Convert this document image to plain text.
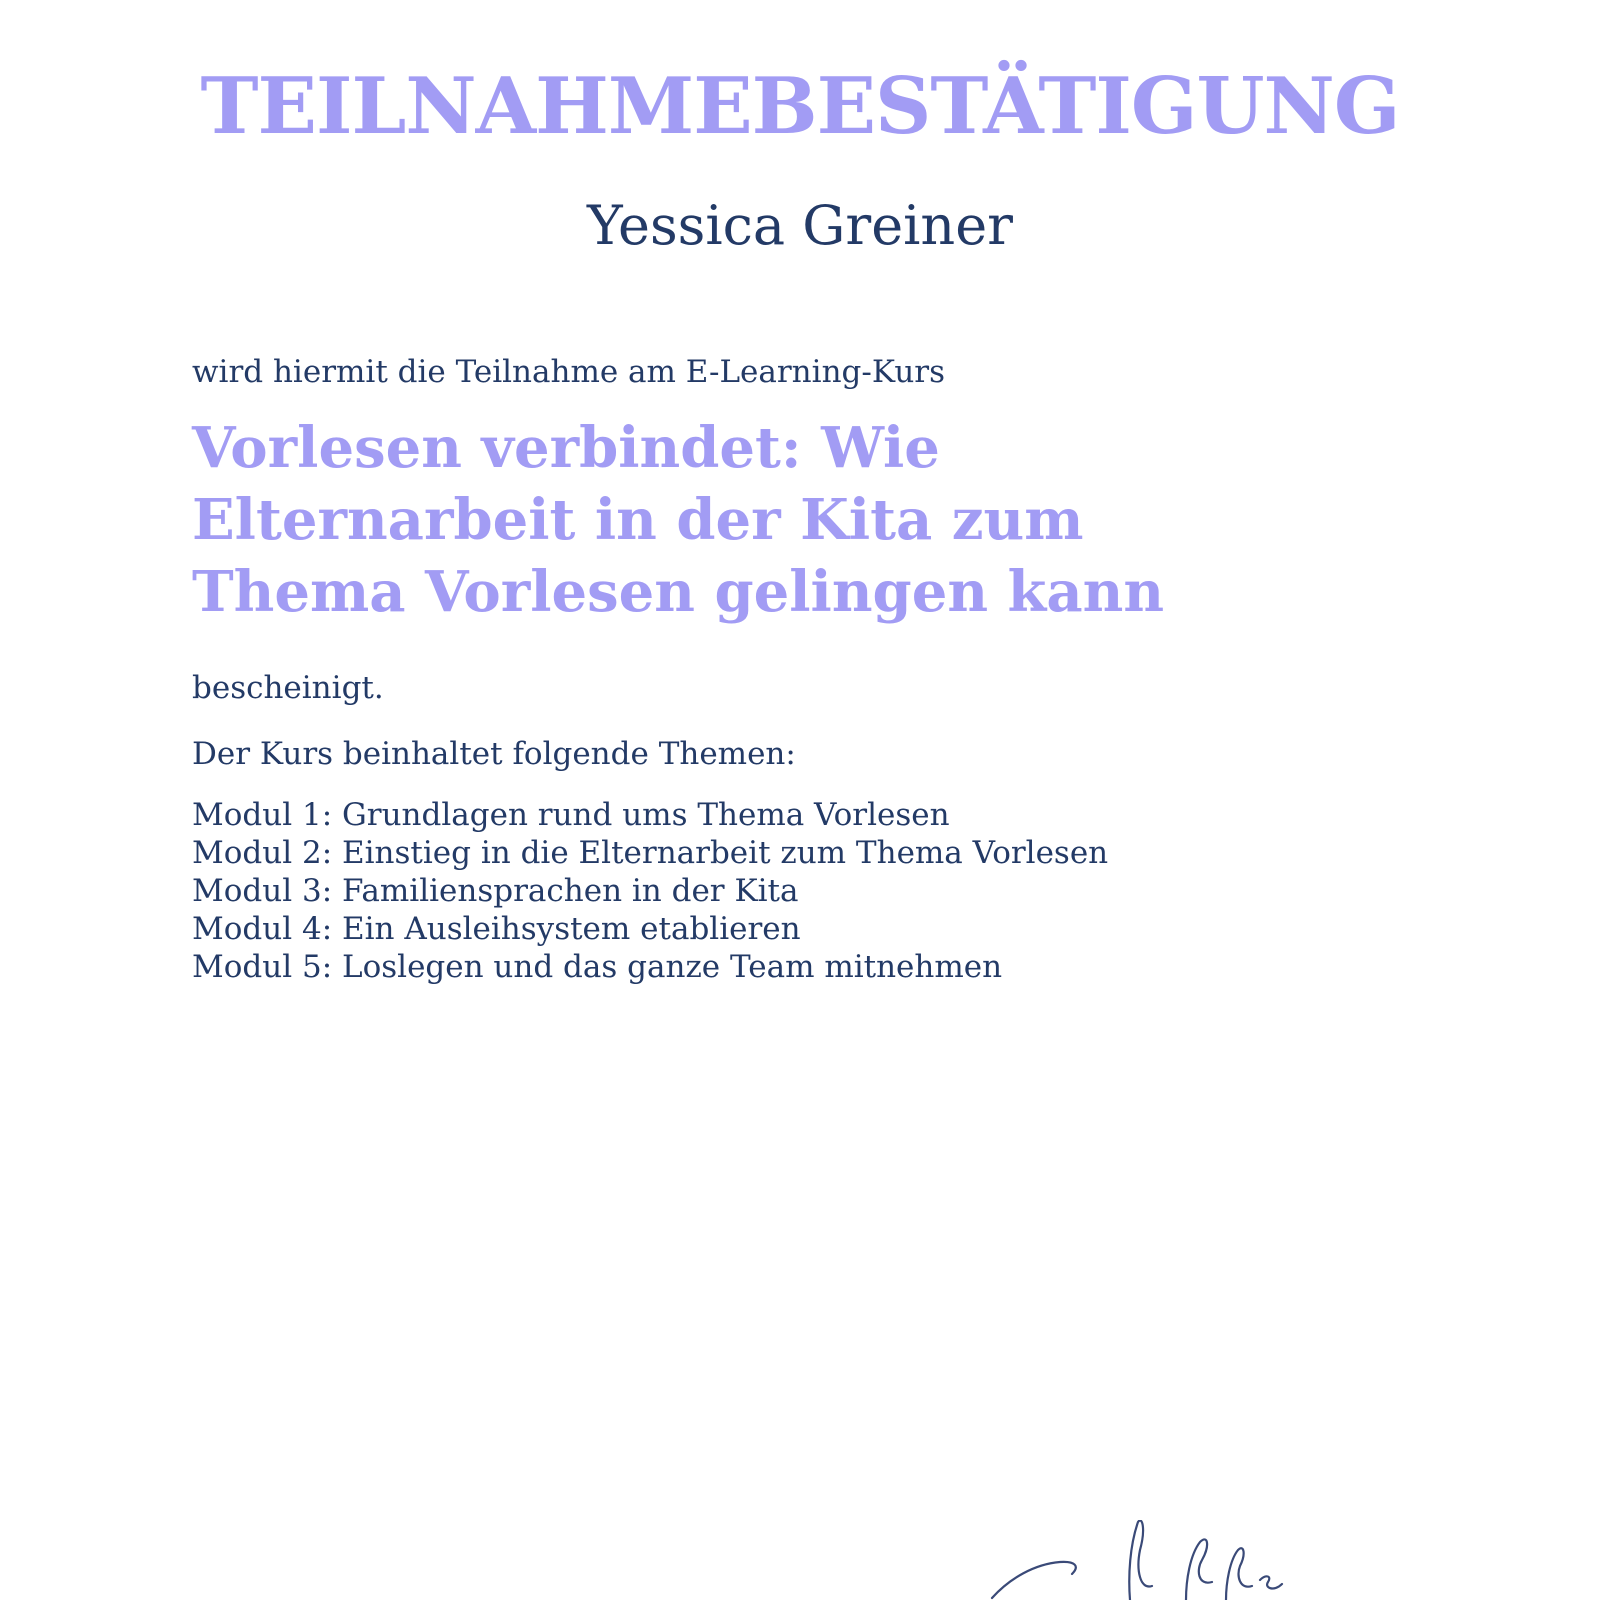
TEILNAHMEBESTÄTIGUNG
Yessica Greiner

wird hiermit die Teilnahme am E-Learning-Kurs

Vorlesen verbindet: Wie Elternarbeit in der Kita zum Thema Vorlesen gelingen kann

bescheinigt.

Der Kurs beinhaltet folgende Themen:

Modul 1: Grundlagen rund ums Thema Vorlesen
Modul 2: Einstieg in die Elternarbeit zum Thema Vorlesen
Modul 3: Familiensprachen in der Kita
Modul 4: Ein Ausleihsystem etablieren
Modul 5: Loslegen und das ganze Team mitnehmen
